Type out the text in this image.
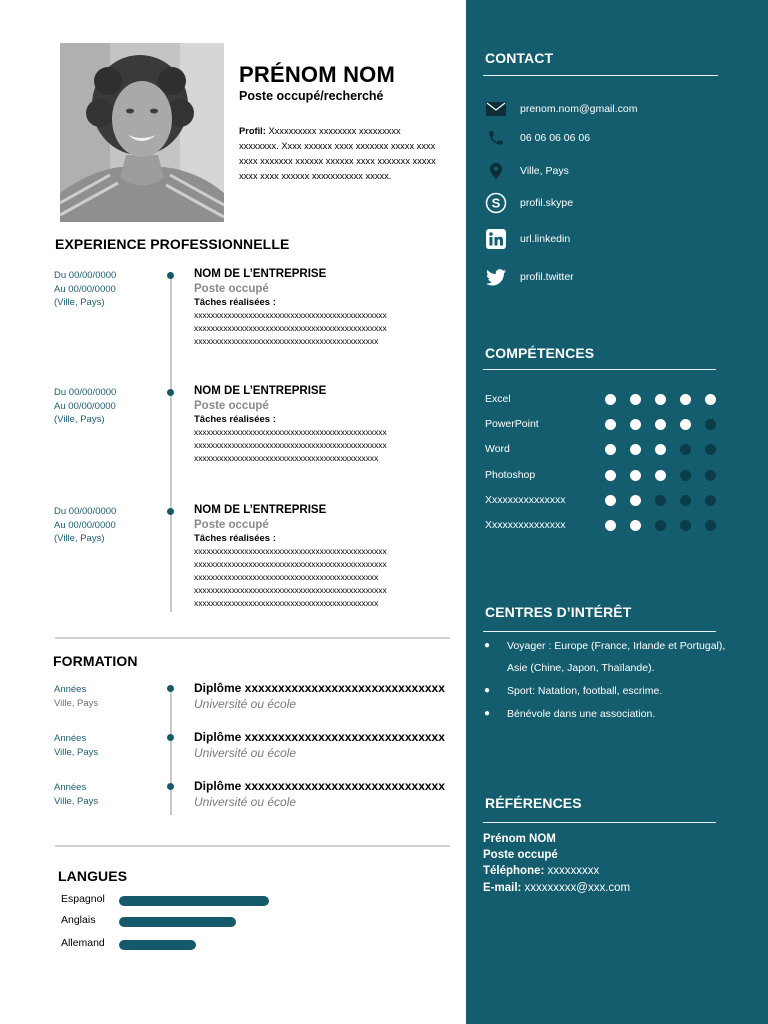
PRÉNOM NOM
Poste occupé/recherché
Profil: Xxxxxxxxxx xxxxxxxx xxxxxxxxx xxxxxxxx. Xxxx xxxxxx xxxx xxxxxxx xxxxx xxxx xxxx xxxxxxx xxxxxx xxxxxx xxxx xxxxxxx xxxxx xxxx xxxx xxxxxx xxxxxxxxxxx xxxxx.
EXPERIENCE PROFESSIONNELLE
Du 00/00/0000
Au 00/00/0000
(Ville, Pays)
NOM DE L’ENTREPRISE
Poste occupé
Tâches réalisées :
xxxxxxxxxxxxxxxxxxxxxxxxxxxxxxxxxxxxxxxxxxxxxx
xxxxxxxxxxxxxxxxxxxxxxxxxxxxxxxxxxxxxxxxxxxxxx
xxxxxxxxxxxxxxxxxxxxxxxxxxxxxxxxxxxxxxxxxxxx
Du 00/00/0000
Au 00/00/0000
(Ville, Pays)
NOM DE L’ENTREPRISE
Poste occupé
Tâches réalisées :
xxxxxxxxxxxxxxxxxxxxxxxxxxxxxxxxxxxxxxxxxxxxxx
xxxxxxxxxxxxxxxxxxxxxxxxxxxxxxxxxxxxxxxxxxxxxx
xxxxxxxxxxxxxxxxxxxxxxxxxxxxxxxxxxxxxxxxxxxx
Du 00/00/0000
Au 00/00/0000
(Ville, Pays)
NOM DE L’ENTREPRISE
Poste occupé
Tâches réalisées :
xxxxxxxxxxxxxxxxxxxxxxxxxxxxxxxxxxxxxxxxxxxxxx
xxxxxxxxxxxxxxxxxxxxxxxxxxxxxxxxxxxxxxxxxxxxxx
xxxxxxxxxxxxxxxxxxxxxxxxxxxxxxxxxxxxxxxxxxxx
xxxxxxxxxxxxxxxxxxxxxxxxxxxxxxxxxxxxxxxxxxxxxx
xxxxxxxxxxxxxxxxxxxxxxxxxxxxxxxxxxxxxxxxxxxx
FORMATION
Années
Ville, Pays
Diplôme xxxxxxxxxxxxxxxxxxxxxxxxxxxxxx
Université ou école
Années
Ville, Pays
Diplôme xxxxxxxxxxxxxxxxxxxxxxxxxxxxxx
Université ou école
Années
Ville, Pays
Diplôme xxxxxxxxxxxxxxxxxxxxxxxxxxxxxx
Université ou école
LANGUES
Espagnol
Anglais
Allemand
CONTACT
prenom.nom@gmail.com
06 06 06 06 06
Ville, Pays
S profil.skype
url.linkedin
profil.twitter
COMPÉTENCES
Excel
PowerPoint
Word
Photoshop
Xxxxxxxxxxxxxxx
Xxxxxxxxxxxxxxx
CENTRES D’INTÉRÊT
●	Voyager : Europe (France, Irlande et Portugal), Asie (Chine, Japon, Thaïlande).
●	Sport: Natation, football, escrime.
●	Bénévole dans une association.
RÉFÉRENCES
Prénom NOM
Poste occupé
Téléphone: xxxxxxxxx
E-mail: xxxxxxxxx@xxx.com
